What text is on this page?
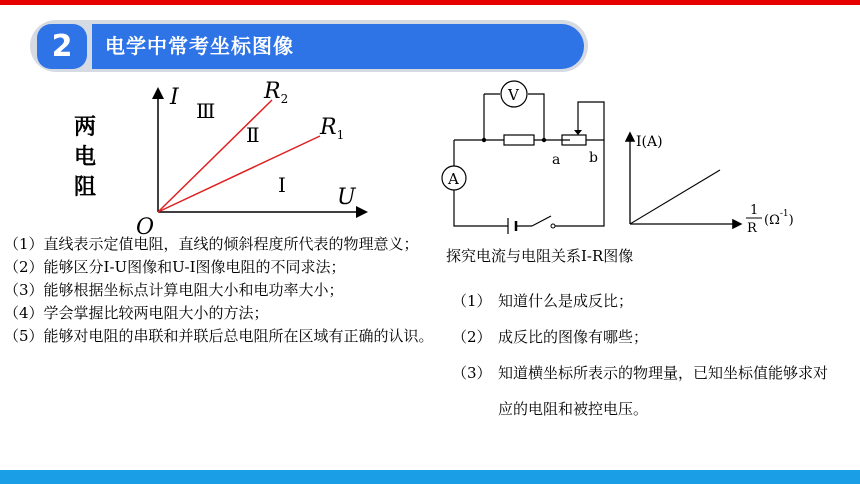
2	电学中常考坐标图像
两
电
阻
I
U
O
Ⅲ
Ⅱ
Ⅰ
$R_2$
$R_1$
V
A
a b
I(A)
1
R
$(\Omega^{-1})$
（1） 直线表示定值电阻，直线的倾斜程度所代表的物理意义；
（2） 能够区分I-U图像和U-I图像电阻的不同求法；
（3） 能够根据坐标点计算电阻大小和电功率大小；
（4） 学会掌握比较两电阻大小的方法；
（5） 能够对电阻的串联和并联后总电阻所在区域有正确的认识。
探究电流与电阻关系I-R图像
（1） 知道什么是成反比；
（2） 成反比的图像有哪些；
（3） 知道横坐标所表示的物理量，已知坐标值能够求对应的电阻和被控电压。
